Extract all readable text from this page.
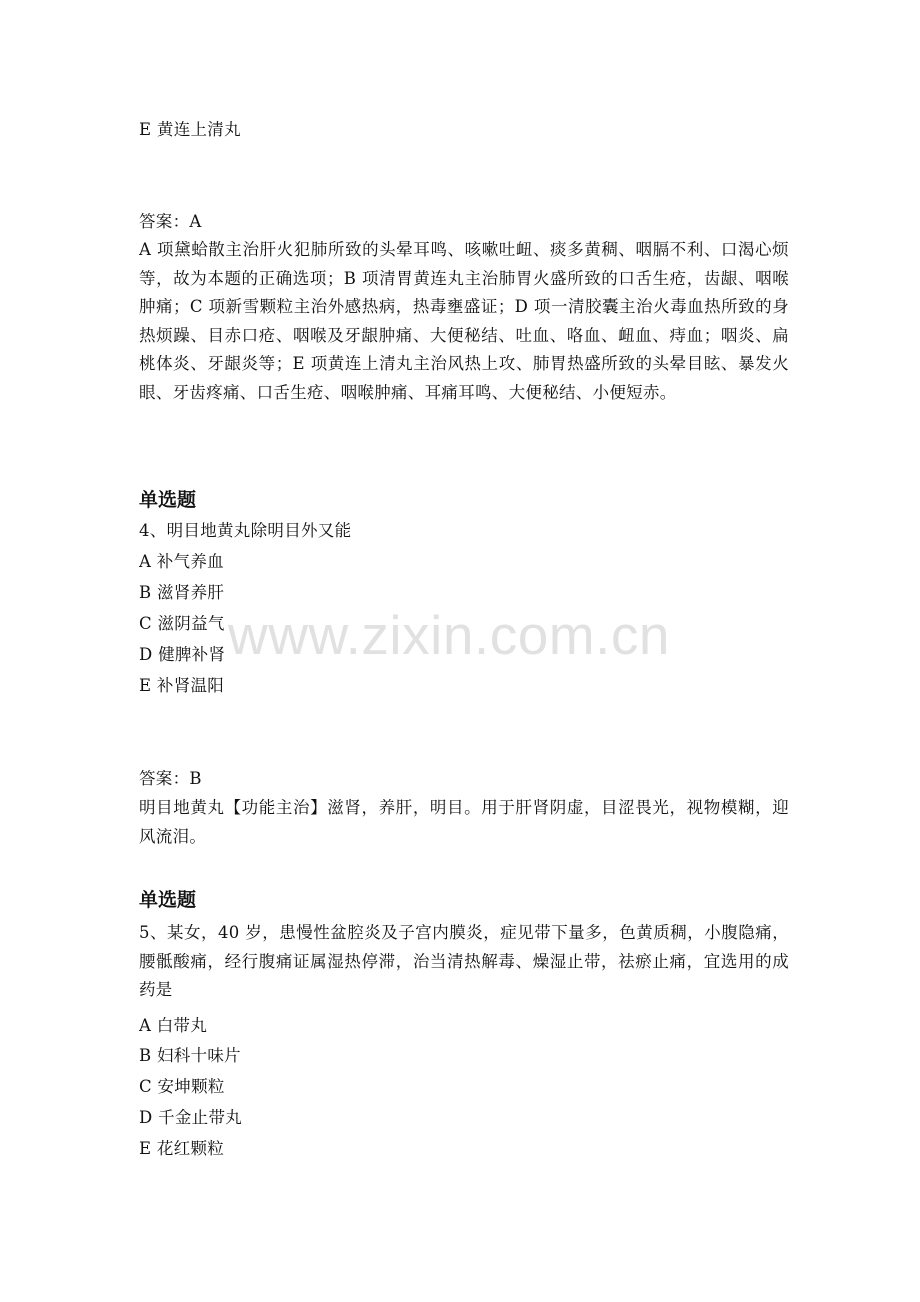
E 黄连上清丸
答案：A
A 项黛蛤散主治肝火犯肺所致的头晕耳鸣、咳嗽吐衄、痰多黄稠、咽膈不利、口渴心烦等，故为本题的正确选项；B 项清胃黄连丸主治肺胃火盛所致的口舌生疮，齿龈、咽喉肿痛；C 项新雪颗粒主治外感热病，热毒壅盛证；D 项一清胶囊主治火毒血热所致的身热烦躁、目赤口疮、咽喉及牙龈肿痛、大便秘结、吐血、咯血、衄血、痔血；咽炎、扁桃体炎、牙龈炎等；E 项黄连上清丸主治风热上攻、肺胃热盛所致的头晕目眩、暴发火眼、牙齿疼痛、口舌生疮、咽喉肿痛、耳痛耳鸣、大便秘结、小便短赤。
单选题
4、明目地黄丸除明目外又能
A 补气养血
B 滋肾养肝
C 滋阴益气
D 健脾补肾
E 补肾温阳
答案：B
明目地黄丸【功能主治】滋肾，养肝，明目。用于肝肾阴虚，目涩畏光，视物模糊，迎风流泪。
单选题
5、某女，40 岁，患慢性盆腔炎及子宫内膜炎，症见带下量多，色黄质稠，小腹隐痛，腰骶酸痛，经行腹痛证属湿热停滞，治当清热解毒、燥湿止带，祛瘀止痛，宜选用的成药是
A 白带丸
B 妇科十味片
C 安坤颗粒
D 千金止带丸
E 花红颗粒
www.zixin.com.cn
